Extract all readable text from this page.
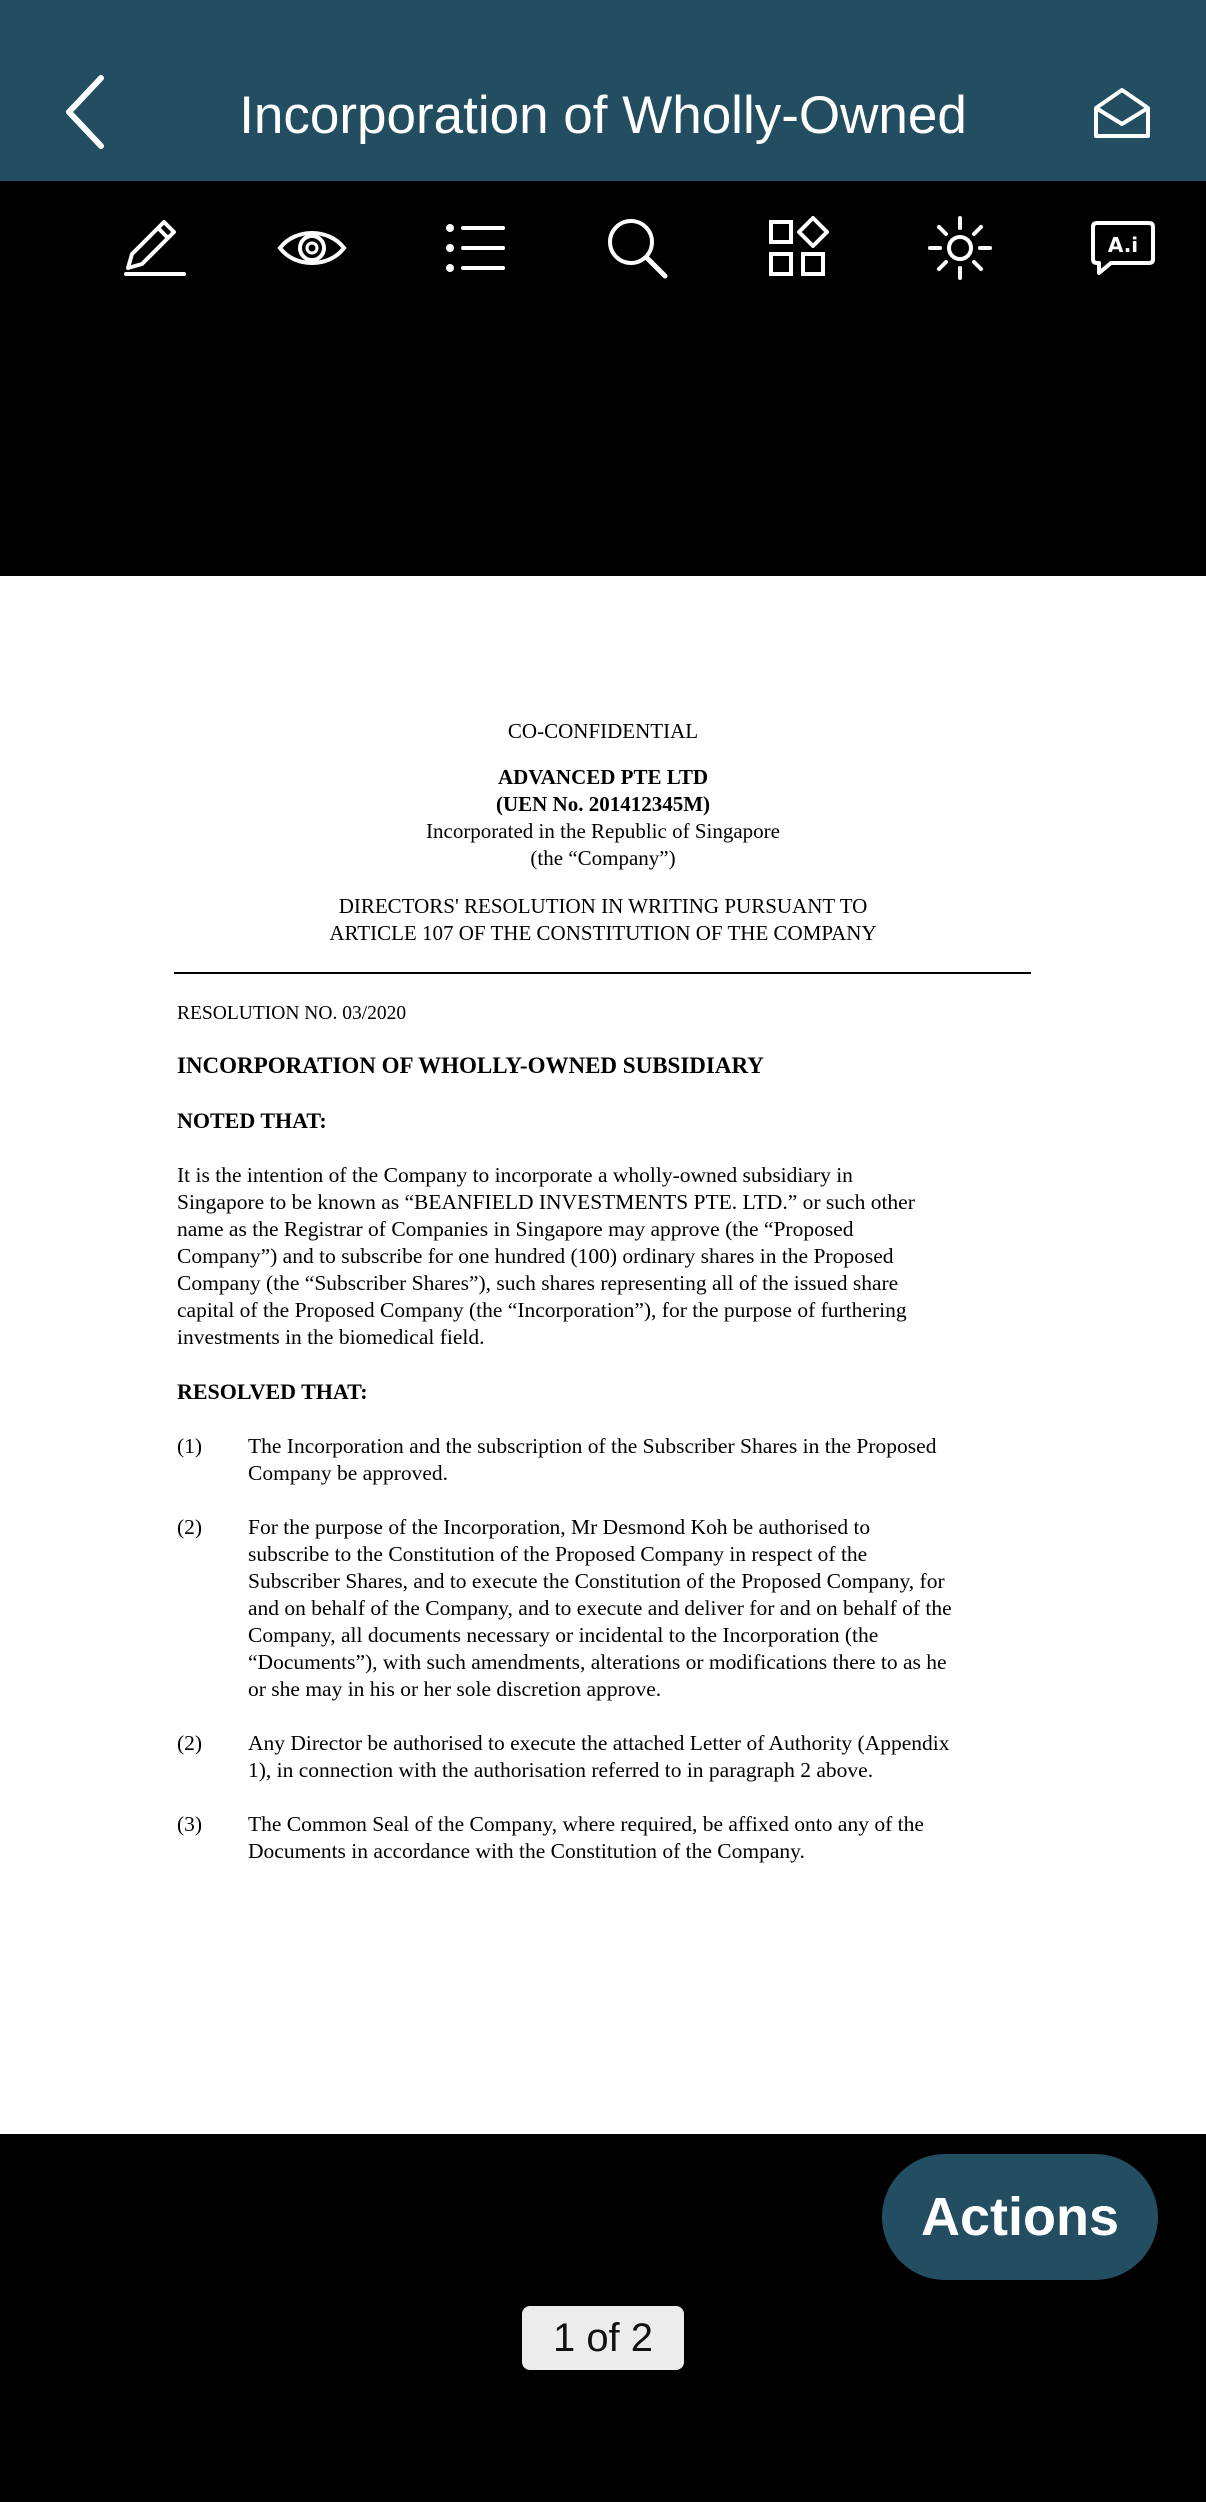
Incorporation of Wholly-Owned
A.i
CO-CONFIDENTIAL
ADVANCED PTE LTD
(UEN No. 201412345M)
Incorporated in the Republic of Singapore
(the “Company”)
DIRECTORS' RESOLUTION IN WRITING PURSUANT TO
ARTICLE 107 OF THE CONSTITUTION OF THE COMPANY
RESOLUTION NO. 03/2020
INCORPORATION OF WHOLLY-OWNED SUBSIDIARY
NOTED THAT:
It is the intention of the Company to incorporate a wholly-owned subsidiary in
Singapore to be known as “BEANFIELD INVESTMENTS PTE. LTD.” or such other
name as the Registrar of Companies in Singapore may approve (the “Proposed
Company”) and to subscribe for one hundred (100) ordinary shares in the Proposed
Company (the “Subscriber Shares”), such shares representing all of the issued share
capital of the Proposed Company (the “Incorporation”), for the purpose of furthering
investments in the biomedical field.
RESOLVED THAT:
(1) The Incorporation and the subscription of the Subscriber Shares in the Proposed
Company be approved.
(2) For the purpose of the Incorporation, Mr Desmond Koh be authorised to
subscribe to the Constitution of the Proposed Company in respect of the
Subscriber Shares, and to execute the Constitution of the Proposed Company, for
and on behalf of the Company, and to execute and deliver for and on behalf of the
Company, all documents necessary or incidental to the Incorporation (the
“Documents”), with such amendments, alterations or modifications there to as he
or she may in his or her sole discretion approve.
(2) Any Director be authorised to execute the attached Letter of Authority (Appendix
1), in connection with the authorisation referred to in paragraph 2 above.
(3) The Common Seal of the Company, where required, be affixed onto any of the
Documents in accordance with the Constitution of the Company.
Actions
1 of 2
